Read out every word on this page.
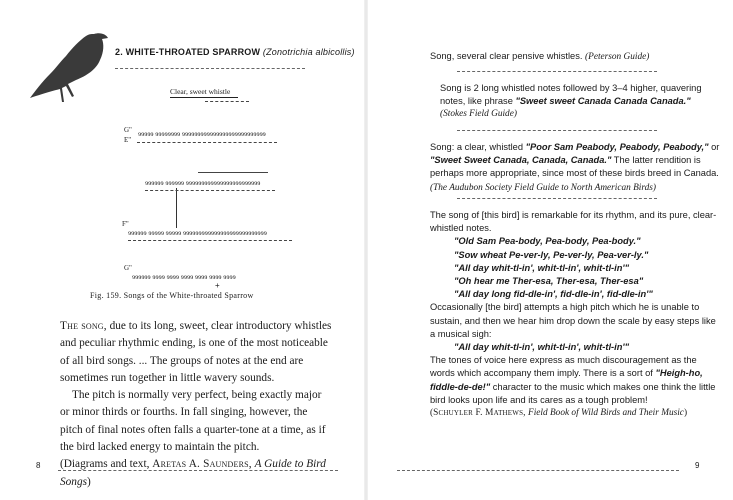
2. WHITE-THROATED SPARROW (Zonotrichia albicollis)
Clear, sweet whistle
G"
E"
ɘɘɘɘɘ ɘɘɘɘɘɘɘɘ ɘɘɘɘɘɘɘɘɘɘɘɘɘɘɘɘɘɘɘɘɘɘɘɘɘɘɘ
ɘɘɘɘɘɘ ɘɘɘɘɘɘ ɘɘɘɘɘɘɘɘɘɘɘɘɘɘɘɘɘɘɘɘɘɘɘɘ
F"
ɘɘɘɘɘɘ ɘɘɘɘɘ ɘɘɘɘɘ ɘɘɘɘɘɘɘɘɘɘɘɘɘɘɘɘɘɘɘɘɘɘɘɘɘɘɘ
G"
ɘɘɘɘɘɘ ɘɘɘɘ ɘɘɘɘ ɘɘɘɘ ɘɘɘɘ ɘɘɘɘ ɘɘɘɘ
+
Fig. 159. Songs of the White-throated Sparrow

The song, due to its long, sweet, clear introductory whistles and peculiar rhythmic ending, is one of the most noticeable of all bird songs. ... The groups of notes at the end are sometimes run together in little wavery sounds.

The pitch is normally very perfect, being exactly major or minor thirds or fourths. In fall singing, however, the pitch of final notes often falls a quarter-tone at a time, as if the bird lacked energy to maintain the pitch.

(Diagrams and text, Aretas A. Saunders, A Guide to Bird Songs)

8

Song, several clear pensive whistles. (Peterson Guide)

Song is 2 long whistled notes followed by 3–4 higher, quavering notes, like phrase "Sweet sweet Canada Canada Canada."

(Stokes Field Guide)

Song: a clear, whistled "Poor Sam Peabody, Peabody, Peabody," or "Sweet Sweet Canada, Canada, Canada." The latter rendition is perhaps more appropriate, since most of these birds breed in Canada. (The Audubon Society Field Guide to North American Birds)

The song of [this bird] is remarkable for its rhythm, and its pure, clear-whistled notes.

"Old Sam Pea-body, Pea-body, Pea-body."

"Sow wheat Pe-ver-ly, Pe-ver-ly, Pea-ver-ly."

"All day whit-tl-in', whit-tl-in', whit-tl-in'"

"Oh hear me Ther-esa, Ther-esa, Ther-esa"

"All day long fid-dle-in', fid-dle-in', fid-dle-in'"

Occasionally [the bird] attempts a high pitch which he is unable to sustain, and then we hear him drop down the scale by easy steps like a musical sigh:

"All day whit-tl-in', whit-tl-in', whit-tl-in'"

The tones of voice here express as much discouragement as the words which accompany them imply. There is a sort of "Heigh-ho, fiddle-de-de!" character to the music which makes one think the little bird looks upon life and its cares as a tough problem!

(Schuyler F. Mathews, Field Book of Wild Birds and Their Music)

9
